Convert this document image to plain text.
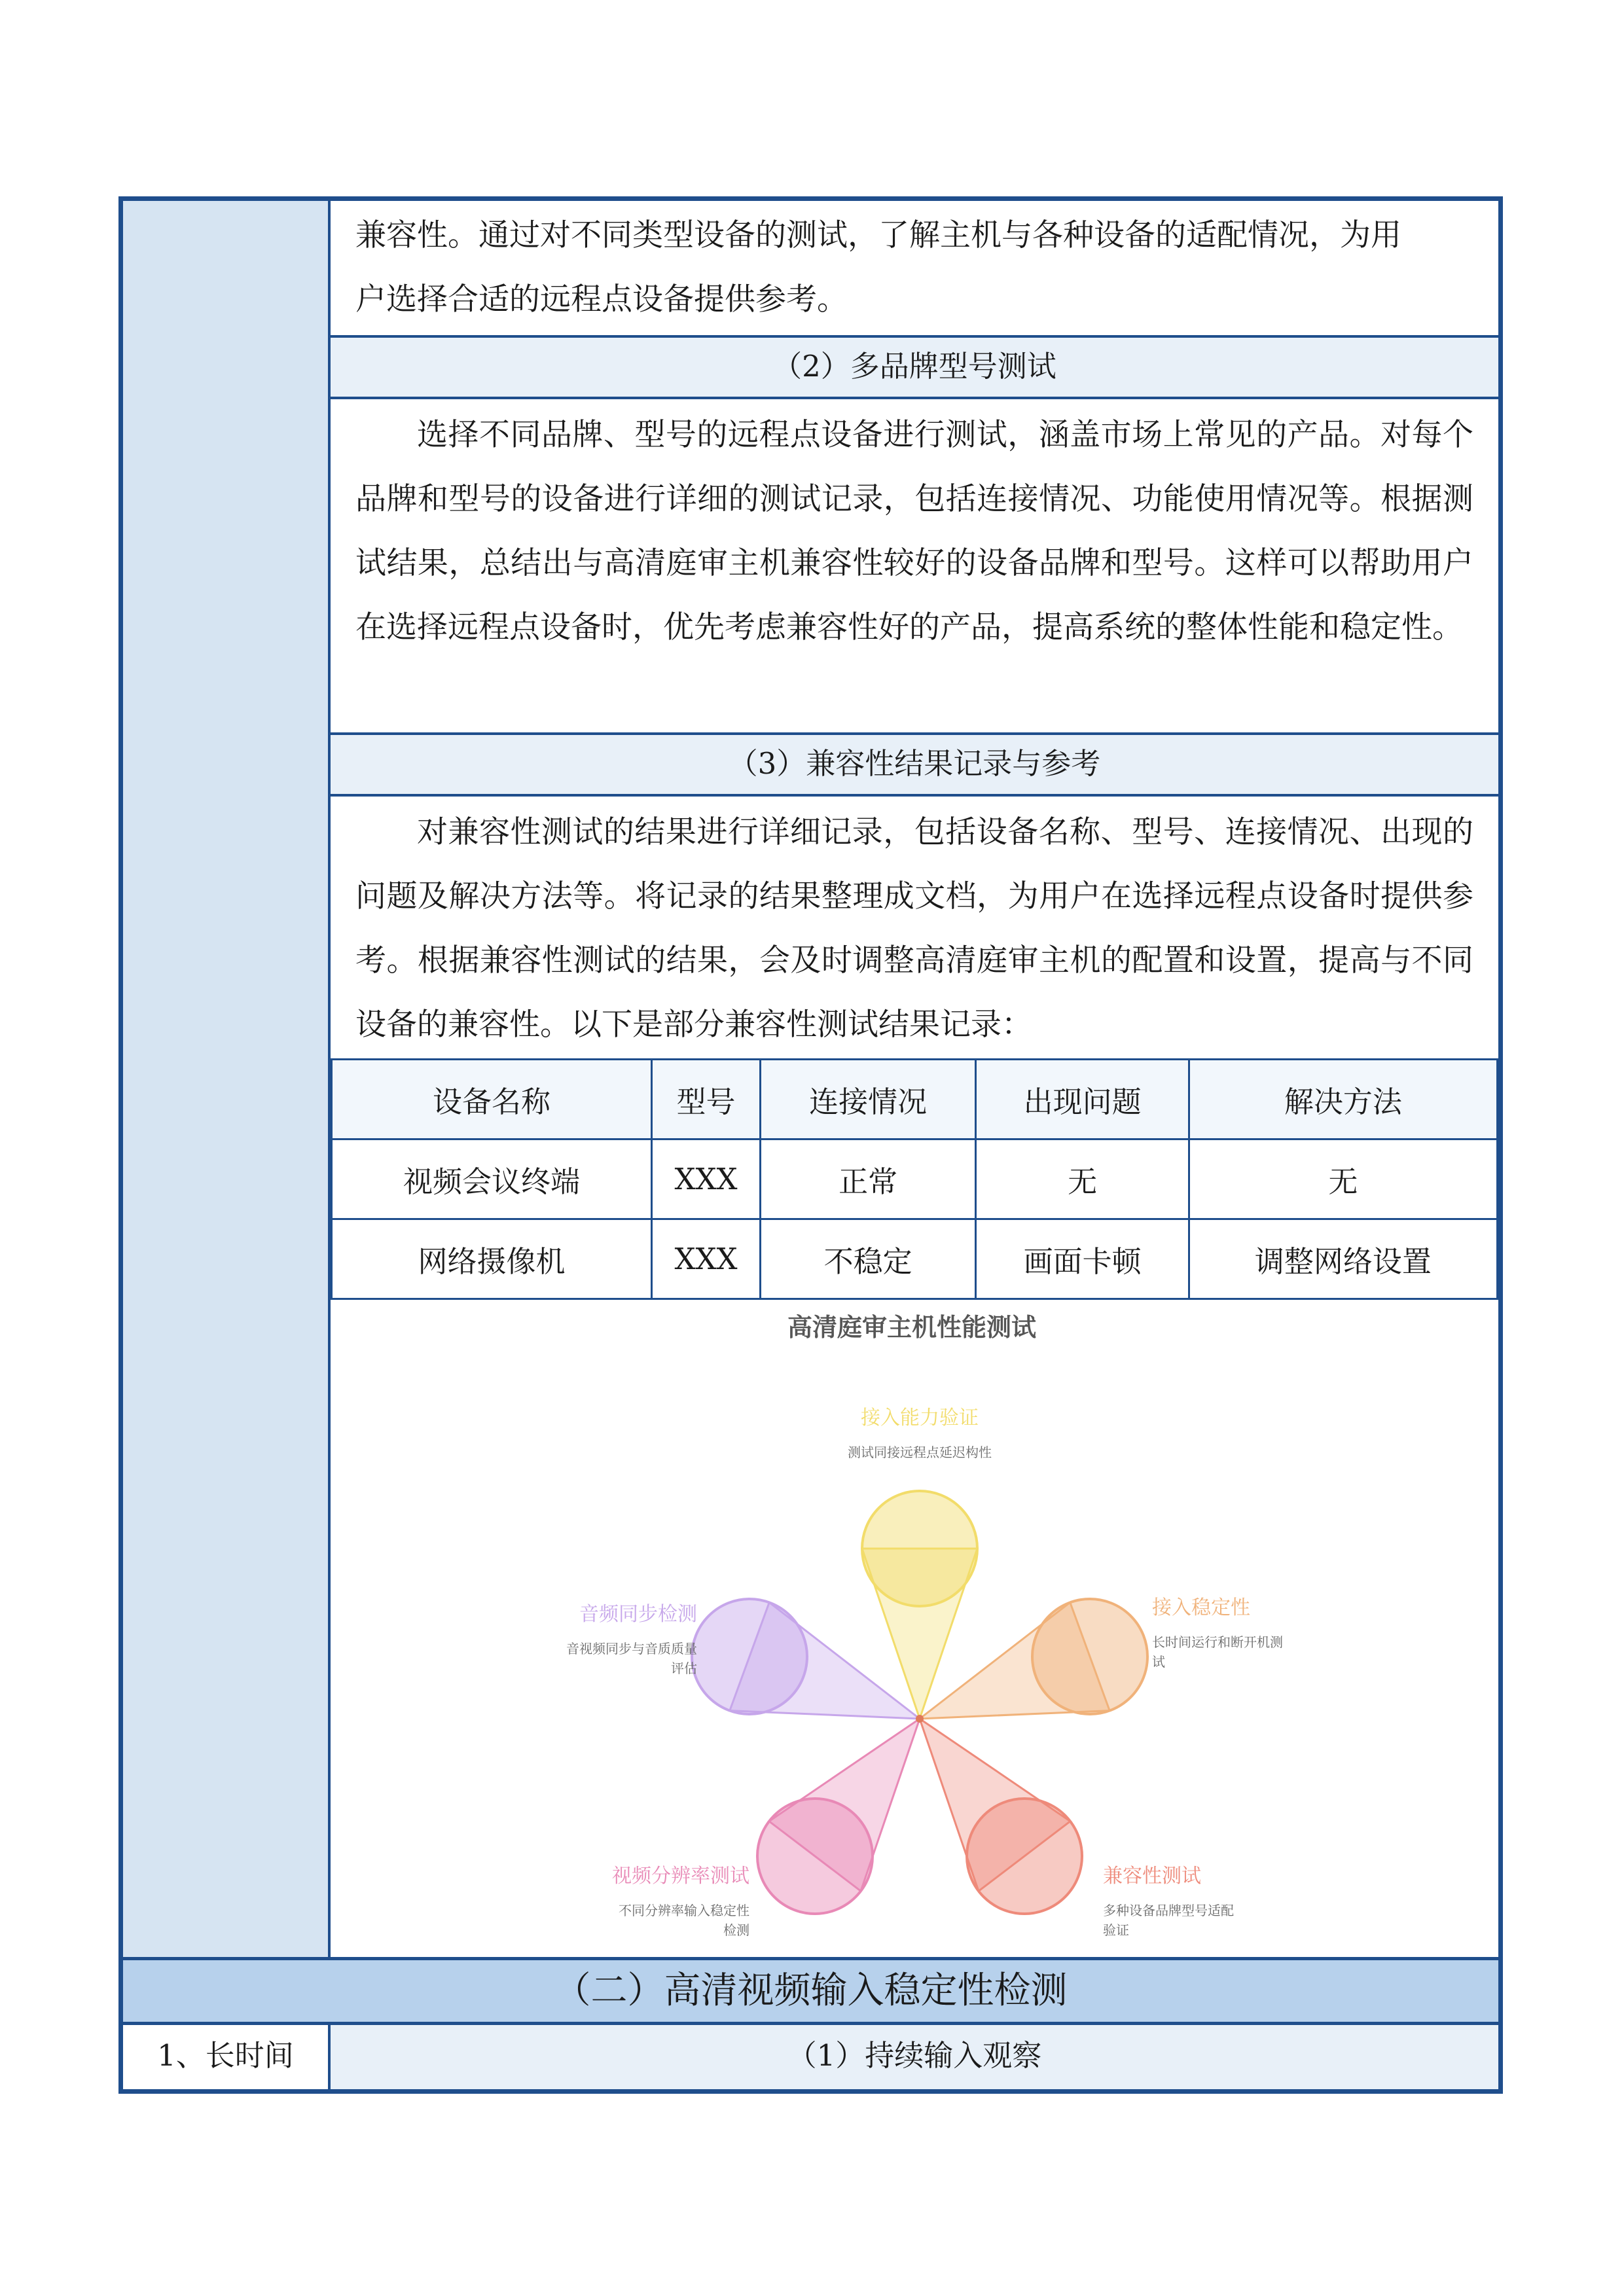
兼容性。通过对不同类型设备的测试，了解主机与各种设备的适配情况，为用

户选择合适的远程点设备提供参考。

（2）多品牌型号测试

选择不同品牌、型号的远程点设备进行测试，涵盖市场上常见的产品。对每个品牌和型号的设备进行详细的测试记录，包括连接情况、功能使用情况等。根据测试结果，总结出与高清庭审主机兼容性较好的设备品牌和型号。这样可以帮助用户在选择远程点设备时，优先考虑兼容性好的产品，提高系统的整体性能和稳定性。

（3）兼容性结果记录与参考

对兼容性测试的结果进行详细记录，包括设备名称、型号、连接情况、出现的问题及解决方法等。将记录的结果整理成文档，为用户在选择远程点设备时提供参考。根据兼容性测试的结果，会及时调整高清庭审主机的配置和设置，提高与不同设备的兼容性。以下是部分兼容性测试结果记录：

设备名称	型号	连接情况	出现问题	解决方法
视频会议终端	XXX	正常	无	无
网络摄像机	XXX	不稳定	画面卡顿	调整网络设置
高清庭审主机性能测试
接入能力验证
测试同接远程点延迟构性
接入稳定性
长时间运行和断开机测
试
兼容性测试
多种设备品牌型号适配
验证
视频分辨率测试
不同分辨率输入稳定性
检测
音频同步检测
音视频同步与音质质量
评估
（二）高清视频输入稳定性检测
1、长时间	（1）持续输入观察
